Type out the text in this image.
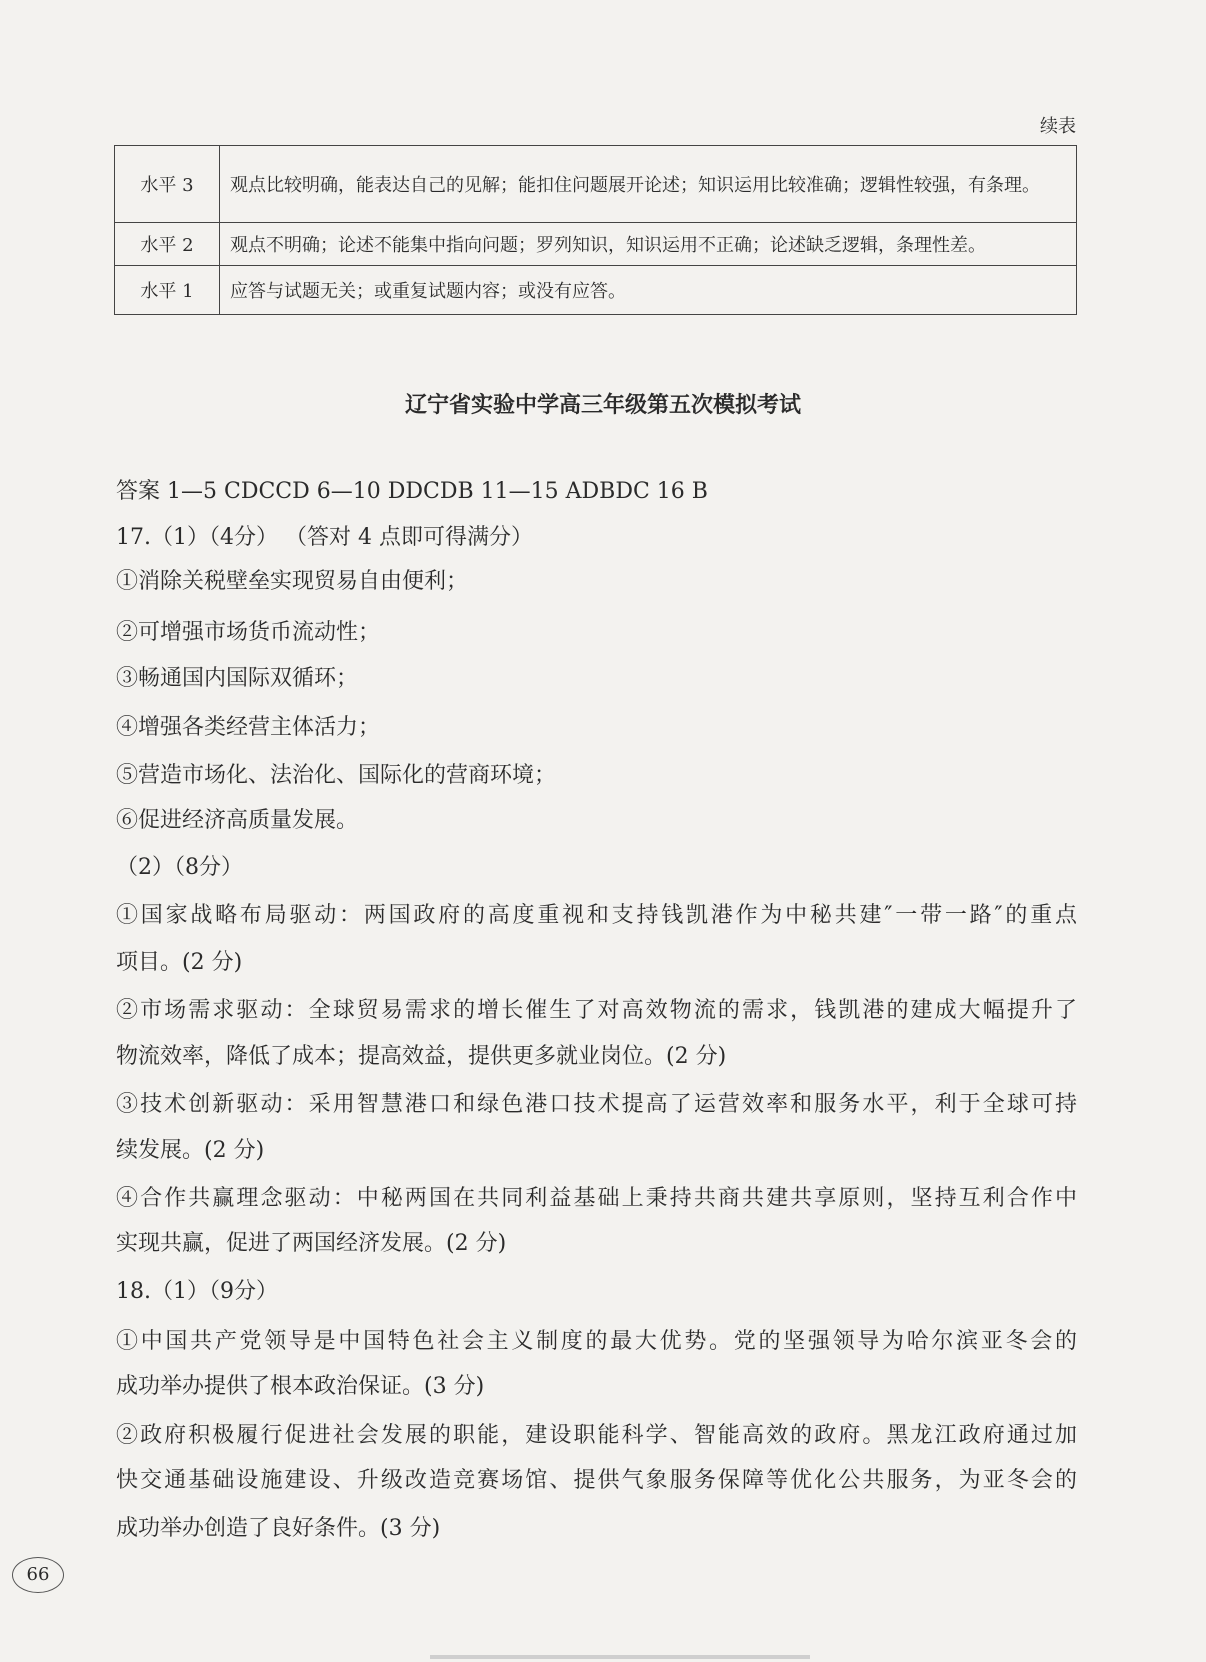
续表
水平 3	观点比较明确，能表达自己的见解；能扣住问题展开论述；知识运用比较准确；逻辑性较强，有条理。
水平 2	观点不明确；论述不能集中指向问题；罗列知识，知识运用不正确；论述缺乏逻辑，条理性差。
水平 1	应答与试题无关；或重复试题内容；或没有应答。
辽宁省实验中学高三年级第五次模拟考试
答案 1—5 CDCCD 6—10 DDCDB 11—15 ADBDC 16 B
17.（1）（4分） （答对 4 点即可得满分）
①消除关税壁垒实现贸易自由便利；
②可增强市场货币流动性；
③畅通国内国际双循环；
④增强各类经营主体活力；
⑤营造市场化、法治化、国际化的营商环境；
⑥促进经济高质量发展。
（2）（8分）
①国家战略布局驱动：两国政府的高度重视和支持钱凯港作为中秘共建″一带一路″的重点
项目。(2 分)
②市场需求驱动：全球贸易需求的增长催生了对高效物流的需求，钱凯港的建成大幅提升了
物流效率，降低了成本；提高效益，提供更多就业岗位。(2 分)
③技术创新驱动：采用智慧港口和绿色港口技术提高了运营效率和服务水平，利于全球可持
续发展。(2 分)
④合作共赢理念驱动：中秘两国在共同利益基础上秉持共商共建共享原则，坚持互利合作中
实现共赢，促进了两国经济发展。(2 分)
18.（1）（9分）
①中国共产党领导是中国特色社会主义制度的最大优势。党的坚强领导为哈尔滨亚冬会的
成功举办提供了根本政治保证。(3 分)
②政府积极履行促进社会发展的职能，建设职能科学、智能高效的政府。黑龙江政府通过加
快交通基础设施建设、升级改造竞赛场馆、提供气象服务保障等优化公共服务，为亚冬会的
成功举办创造了良好条件。(3 分)
66
